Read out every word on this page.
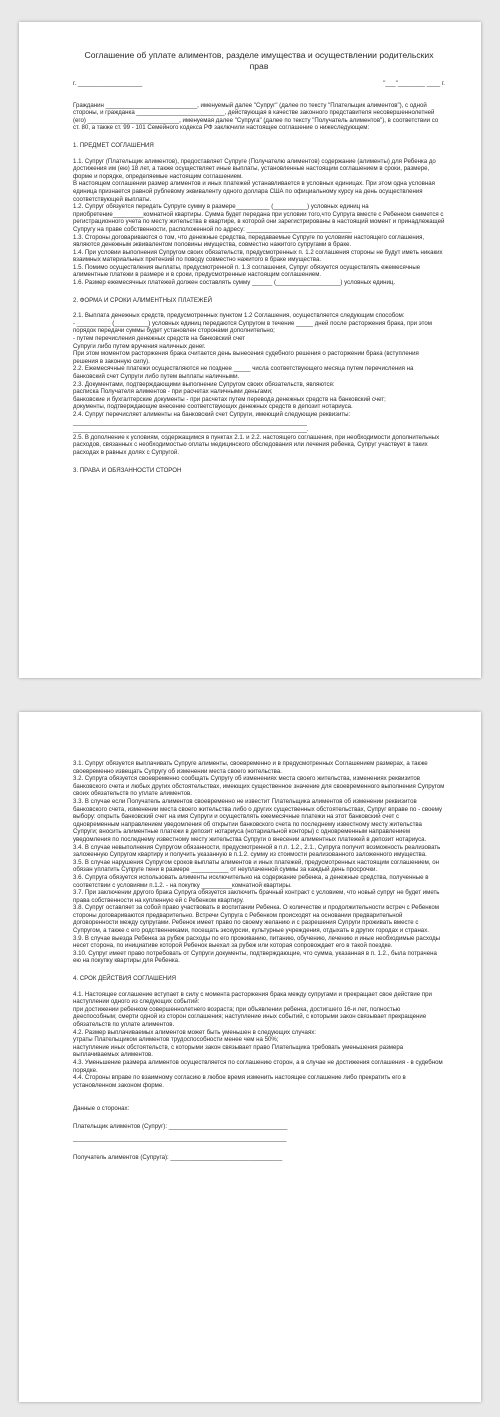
Соглашение об уплате алиментов, разделе имущества и осуществлении родительских прав
г. ___________________	"___"________ ____ г.

Гражданин ___________________________, именуемый далее "Супруг" (далее по тексту "Плательщик алиментов"), с одной стороны, и гражданка __________________________, действующая в качестве законного представителя несовершеннолетней (его) ___________________________, именуемая далее "Супруга" (далее по тексту "Получатель алиментов"), в соответствии со ст. 80, а также ст. 99 - 101 Семейного кодекса РФ заключили настоящее соглашение о нижеследующем:

1. ПРЕДМЕТ СОГЛАШЕНИЯ

1.1. Супруг (Плательщик алиментов), предоставляет Супруге (Получателю алиментов) содержание (алименты) для Ребенка до достижения им (ею) 18 лет, а также осуществляет иные выплаты, установленные настоящим соглашением в сроки, размере, форме и порядке, определяемые настоящим соглашением.

В настоящем соглашении размер алиментов и иных платежей устанавливается в условных единицах. При этом одна условная единица признается равной рублевому эквиваленту одного доллара США по официальному курсу на день осуществления соответствующей выплаты.

1.2. Супруг обязуется передать Супруге сумму в размере__________ (__________) условных единиц на приобретение_________комнатной квартиры. Сумма будет передана при условии того,что Супруга вместе с Ребенком снимется с регистрационного учета по месту жительства в квартире, в которой они зарегистрированы в настоящий момент и принадлежащей Супругу на праве собственности, расположенной по адресу: _______________________________

1.3. Стороны договариваются о том, что денежные средства, передаваемые Супруге по условиям настоящего соглашения, являются денежным эквивалентом половины имущества, совместно нажитого супругами в браке.

1.4. При условии выполнения Супругом своих обязательств, предусмотренных п. 1.2 соглашения стороны не будут иметь никаких взаимных материальных претензий по поводу совместно нажитого в браке имущества.

1.5. Помимо осуществления выплаты, предусмотренной п. 1.3 соглашения, Супруг обязуется осуществлять ежемесячные алиментные платежи в размере и в сроки, предусмотренные настоящим соглашением.

1.6. Размер ежемесячных платежей должен составлять сумму ______ (___________________) условных единиц.

2. ФОРМА И СРОКИ АЛИМЕНТНЫХ ПЛАТЕЖЕЙ

2.1. Выплата денежных средств, предусмотренных пунктом 1.2 Соглашения, осуществляется следующим способом:

- __________ (__________) условных единиц передаются Супругом в течение _____ дней после расторжения брака, при этом порядок передачи суммы будет установлен сторонами дополнительно;

- путем перечисления денежных средств на банковский счет

Супруги либо путем вручения наличных денег.

При этом моментом расторжения брака считается день вынесения судебного решения о расторжении брака (вступления решения в законную силу).

2.2. Ежемесячные платежи осуществляются не позднее _____ числа соответствующего месяца путем перечисления на банковский счет Супруги либо путем выплаты наличными.

2.3. Документами, подтверждающими выполнение Супругом своих обязательств, являются:

расписка Получателя алиментов - при расчетах наличными деньгами;

банковские и бухгалтерские документы - при расчетах путем перевода денежных средств на банковский счет;

документы, подтверждающие внесение соответствующих денежных средств в депозит нотариуса.

2.4. Супруг перечисляет алименты на банковский счет Супруги, имеющий следующие реквизиты:

_____________________________________________________________________

_____________________________________________________________________.

2.5. В дополнение к условиям, содержащимся в пунктах 2.1. и 2.2. настоящего соглашения, при необходимости дополнительных расходов, связанных с необходимостью оплаты медицинского обследования или лечения ребенка, Супруг участвует в таких расходах в равных долях с Супругой.

3. ПРАВА И ОБЯЗАННОСТИ СТОРОН

3.1. Супруг обязуется выплачивать Супруге алименты, своевременно и в предусмотренных Соглашением размерах, а также своевременно извещать Супругу об изменении места своего жительства.

3.2. Супруга обязуется своевременно сообщать Супругу об изменениях места своего жительства, изменениях реквизитов банковского счета и любых других обстоятельствах, имеющих существенное значение для своевременного выполнения Супругом своих обязательств по уплате алиментов.

3.3. В случае если Получатель алиментов своевременно не известит Плательщика алиментов об изменении реквизитов банковского счета, изменении места своего жительства либо о других существенных обстоятельствах, Супруг вправе по - своему выбору: открыть банковский счет на имя Супруги и осуществлять ежемесячные платежи на этот банковский счет с одновременным направлением уведомления об открытии банковского счета по последнему известному месту жительства Супруги; вносить алиментные платежи в депозит нотариуса (нотариальной конторы) с одновременным направлением уведомления по последнему известному месту жительства Супруги о внесении алиментных платежей в депозит нотариуса.

3.4. В случае невыполнения Супругом обязанности, предусмотренной в п.п. 1.2., 2.1., Супруга получит возможность реализовать заложенную Супругом квартиру и получить указанную в п.1.2. сумму из стоимости реализованного заложенного имущества.

3.5. В случае нарушения Супругом сроков выплаты алиментов и иных платежей, предусмотренных настоящим соглашением, он обязан уплатить Супруге пени в размере ___________ от неуплаченной суммы за каждый день просрочки.

3.6. Супруга обязуется использовать алименты исключительно на содержание ребенка, а денежные средства, полученные в соответствии с условиями п.1.2. - на покупку _________комнатной квартиры.

3.7. При заключении другого брака Супруга обязуется заключить брачный контракт с условием, что новый супруг не будет иметь права собственности на купленную ей с Ребенком квартиру.

3.8. Супруг оставляет за собой право участвовать в воспитании Ребенка. О количестве и продолжительности встреч с Ребенком стороны договариваются предварительно. Встречи Супруга с Ребенком происходят на основании предварительной договоренности между супругами. Ребенок имеет право по своему желанию и с разрешения Супруги проживать вместе с Супругом, а также с его родственниками, посещать экскурсии, культурные учреждения, отдыхать в других городах и странах.

3.9. В случае выезда Ребенка за рубеж расходы по его проживанию, питанию, обучению, лечению и иные необходимые расходы несет сторона, по инициативе которой Ребенок выехал за рубеж или которая сопровождает его в такой поездке.

3.10. Супруг имеет право потребовать от Супруги документы, подтверждающие, что сумма, указанная в п. 1.2., была потрачена ею на покупку квартиры для Ребенка.

4. СРОК ДЕЙСТВИЯ СОГЛАШЕНИЯ

4.1. Настоящее соглашение вступает в силу с момента расторжения брака между супругами и прекращает свое действие при наступлении одного из следующих событий:

при достижении ребенком совершеннолетнего возраста; при объявлении ребенка, достигшего 16-и лет, полностью дееспособным; смерти одной из сторон соглашения; наступление иных событий, с которыми закон связывает прекращение обязательств по уплате алиментов.

4.2. Размер выплачиваемых алиментов может быть уменьшен в следующих случаях:

утраты Плательщиком алиментов трудоспособности менее чем на 50%;

наступление иных обстоятельств, с которыми закон связывает право Плательщика требовать уменьшения размера выплачиваемых алиментов.

4.3. Уменьшение размера алиментов осуществляется по соглашению сторон, а в случае не достижения соглашения - в судебном порядке.

4.4. Стороны вправе по взаимному согласию в любое время изменить настоящее соглашение либо прекратить его в установленном законом форме.

Данные о сторонах:
Плательщик алиментов (Супруг): ___________________________________
_______________________________________________________________
Получатель алиментов (Супруга): _________________________________
